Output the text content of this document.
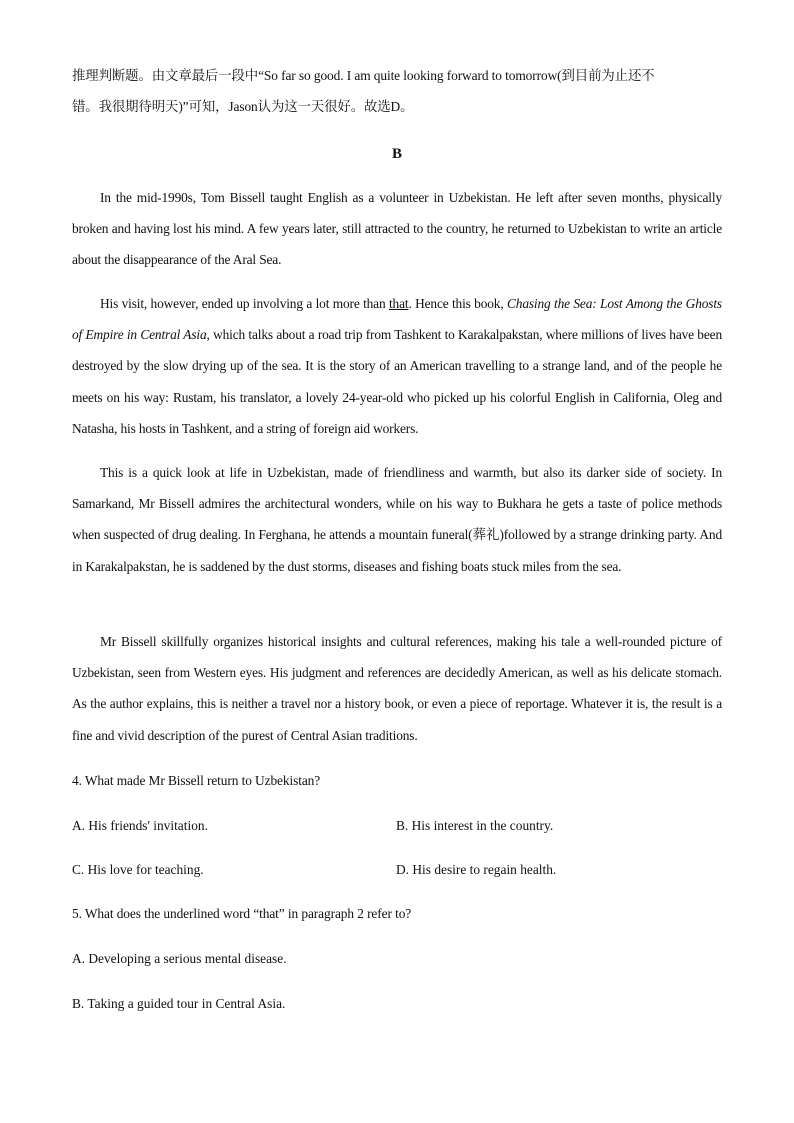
推理判断题。由文章最后一段中“So far so good. I am quite looking forward to tomorrow(到目前为止还不
错。我很期待明天)”可知，Jason认为这一天很好。故选D。
B
In the mid-1990s, Tom Bissell taught English as a volunteer in Uzbekistan. He left after seven months, physically broken and having lost his mind. A few years later, still attracted to the country, he returned to Uzbekistan to write an article about the disappearance of the Aral Sea.
His visit, however, ended up involving a lot more than that. Hence this book, Chasing the Sea: Lost Among the Ghosts of Empire in Central Asia, which talks about a road trip from Tashkent to Karakalpakstan, where millions of lives have been destroyed by the slow drying up of the sea. It is the story of an American travelling to a strange land, and of the people he meets on his way: Rustam, his translator, a lovely 24-year-old who picked up his colorful English in California, Oleg and Natasha, his hosts in Tashkent, and a string of foreign aid workers.
This is a quick look at life in Uzbekistan, made of friendliness and warmth, but also its darker side of society. In Samarkand, Mr Bissell admires the architectural wonders, while on his way to Bukhara he gets a taste of police methods when suspected of drug dealing. In Ferghana, he attends a mountain funeral(葬礼)followed by a strange drinking party. And in Karakalpakstan, he is saddened by the dust storms, diseases and fishing boats stuck miles from the sea.
Mr Bissell skillfully organizes historical insights and cultural references, making his tale a well-rounded picture of Uzbekistan, seen from Western eyes. His judgment and references are decidedly American, as well as his delicate stomach. As the author explains, this is neither a travel nor a history book, or even a piece of reportage. Whatever it is, the result is a fine and vivid description of the purest of Central Asian traditions.
4. What made Mr Bissell return to Uzbekistan?
A. His friends' invitation.	B. His interest in the country.
C. His love for teaching.	D. His desire to regain health.
5. What does the underlined word “that” in paragraph 2 refer to?
A. Developing a serious mental disease.
B. Taking a guided tour in Central Asia.
